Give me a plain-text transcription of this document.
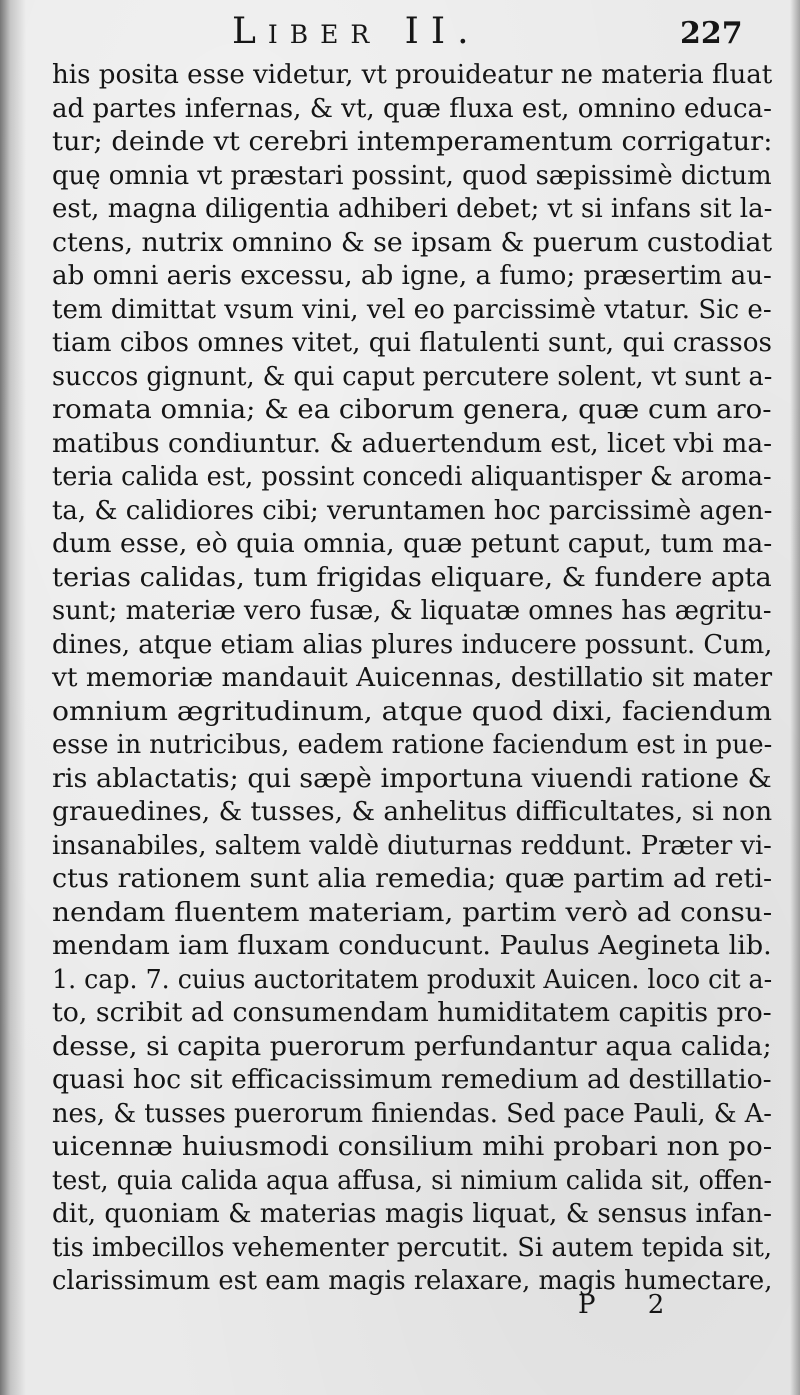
Liber II.	227
his posita esse videtur, vt prouideatur ne materia fluat
ad partes infernas, & vt, quæ fluxa est, omnino educa-
tur; deinde vt cerebri intemperamentum corrigatur:
quę omnia vt præstari possint, quod sæpissimè dictum
est, magna diligentia adhiberi debet; vt si infans sit la-
ctens, nutrix omnino & se ipsam & puerum custodiat
ab omni aeris excessu, ab igne, a fumo; præsertim au-
tem dimittat vsum vini, vel eo parcissimè vtatur. Sic e-
tiam cibos omnes vitet, qui flatulenti sunt, qui crassos
succos gignunt, & qui caput percutere solent, vt sunt a-
romata omnia; & ea ciborum genera, quæ cum aro-
matibus condiuntur. & aduertendum est, licet vbi ma-
teria calida est, possint concedi aliquantisper & aroma-
ta, & calidiores cibi; veruntamen hoc parcissimè agen-
dum esse, eò quia omnia, quæ petunt caput, tum ma-
terias calidas, tum frigidas eliquare, & fundere apta
sunt; materiæ vero fusæ, & liquatæ omnes has ægritu-
dines, atque etiam alias plures inducere possunt. Cum,
vt memoriæ mandauit Auicennas, destillatio sit mater
omnium ægritudinum, atque quod dixi, faciendum
esse in nutricibus, eadem ratione faciendum est in pue-
ris ablactatis; qui sæpè importuna viuendi ratione &
grauedines, & tusses, & anhelitus difficultates, si non
insanabiles, saltem valdè diuturnas reddunt. Præter vi-
ctus rationem sunt alia remedia; quæ partim ad reti-
nendam fluentem materiam, partim verò ad consu-
mendam iam fluxam conducunt. Paulus Aegineta lib.
1. cap. 7. cuius auctoritatem produxit Auicen. loco cit a-
to, scribit ad consumendam humiditatem capitis pro-
desse, si capita puerorum perfundantur aqua calida;
quasi hoc sit efficacissimum remedium ad destillatio-
nes, & tusses puerorum finiendas. Sed pace Pauli, & A-
uicennæ huiusmodi consilium mihi probari non po-
test, quia calida aqua affusa, si nimium calida sit, offen-
dit, quoniam & materias magis liquat, & sensus infan-
tis imbecillos vehementer percutit. Si autem tepida sit,
clarissimum est eam magis relaxare, magis humectare,
P 2
